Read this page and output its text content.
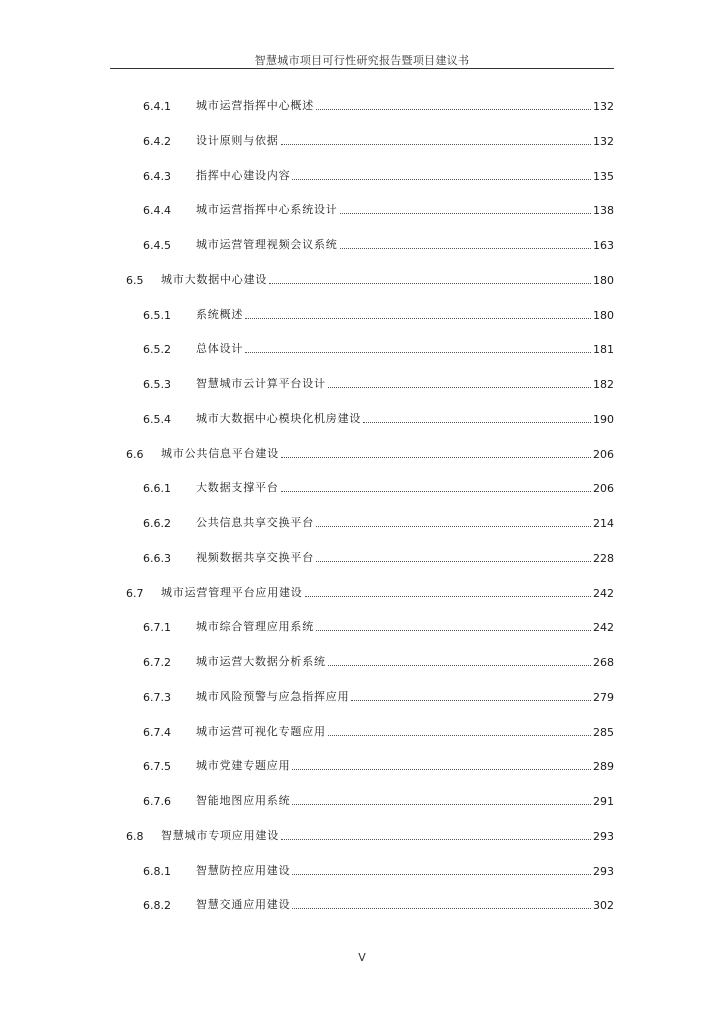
智慧城市项目可行性研究报告暨项目建议书
6.4.1	城市运营指挥中心概述	132
6.4.2	设计原则与依据	132
6.4.3	指挥中心建设内容	135
6.4.4	城市运营指挥中心系统设计	138
6.4.5	城市运营管理视频会议系统	163
6.5	城市大数据中心建设	180
6.5.1	系统概述	180
6.5.2	总体设计	181
6.5.3	智慧城市云计算平台设计	182
6.5.4	城市大数据中心模块化机房建设	190
6.6	城市公共信息平台建设	206
6.6.1	大数据支撑平台	206
6.6.2	公共信息共享交换平台	214
6.6.3	视频数据共享交换平台	228
6.7	城市运营管理平台应用建设	242
6.7.1	城市综合管理应用系统	242
6.7.2	城市运营大数据分析系统	268
6.7.3	城市风险预警与应急指挥应用	279
6.7.4	城市运营可视化专题应用	285
6.7.5	城市党建专题应用	289
6.7.6	智能地图应用系统	291
6.8	智慧城市专项应用建设	293
6.8.1	智慧防控应用建设	293
6.8.2	智慧交通应用建设	302
V
